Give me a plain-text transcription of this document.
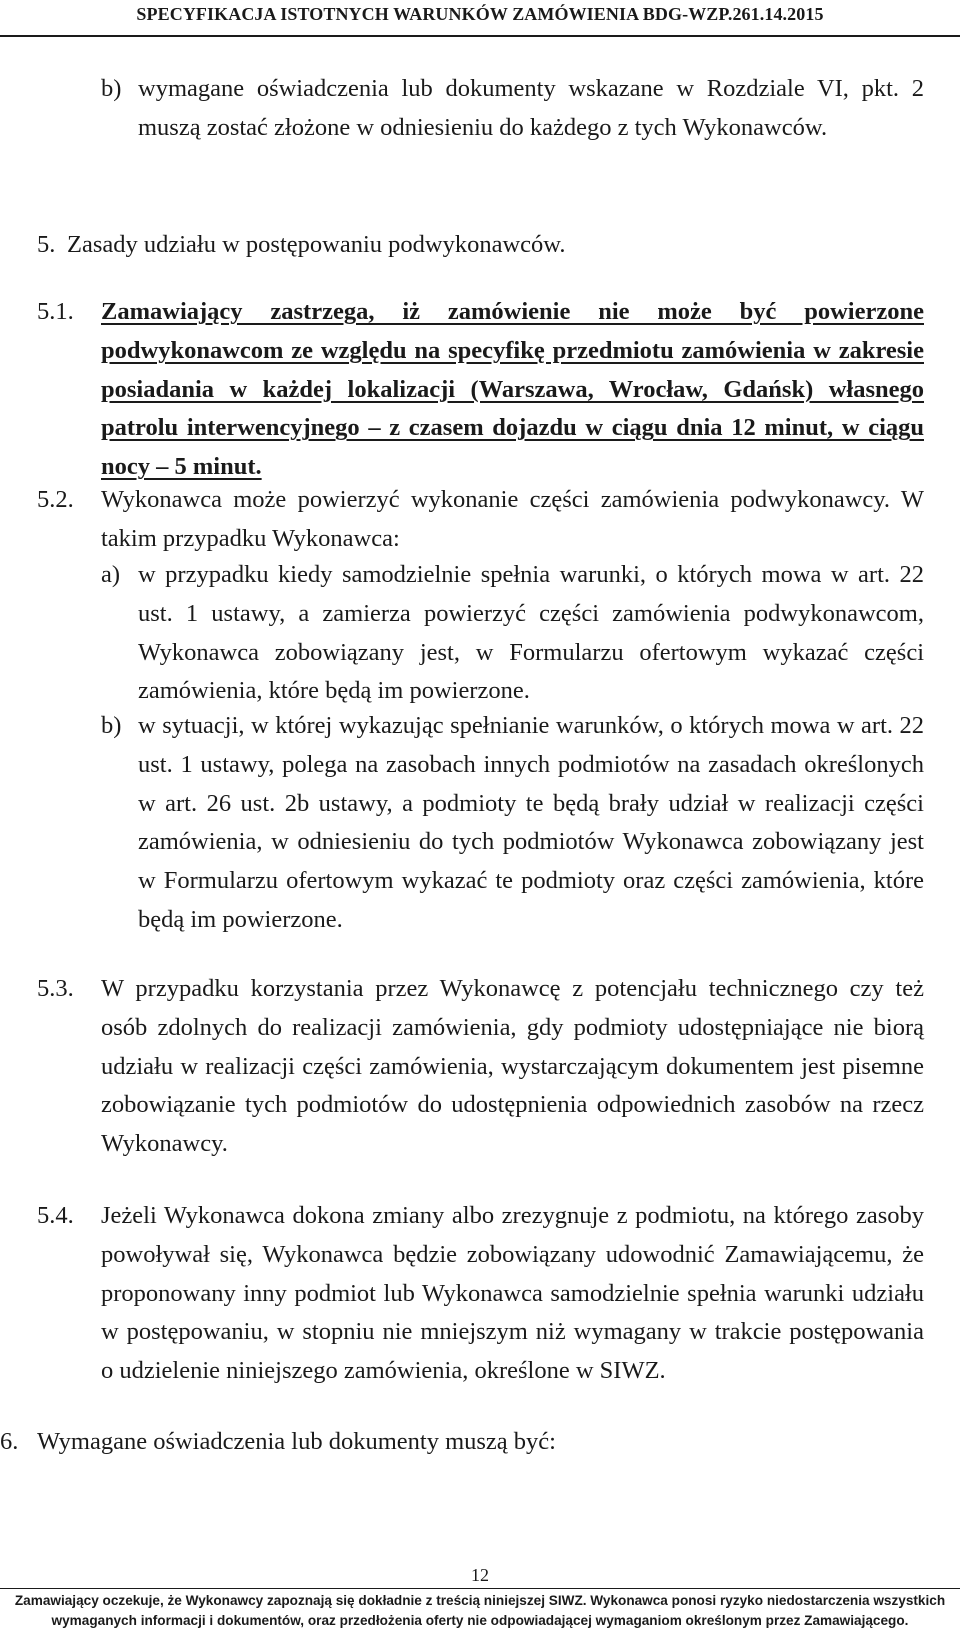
SPECYFIKACJA ISTOTNYCH WARUNKÓW ZAMÓWIENIA BDG-WZP.261.14.2015
b) wymagane oświadczenia lub dokumenty wskazane w Rozdziale VI, pkt. 2 muszą zostać złożone w odniesieniu do każdego z tych Wykonawców.
5. Zasady udziału w postępowaniu podwykonawców.
5.1.	Zamawiający zastrzega, iż zamówienie nie może być powierzone podwykonawcom ze względu na specyfikę przedmiotu zamówienia w zakresie posiadania w każdej lokalizacji (Warszawa, Wrocław, Gdańsk) własnego patrolu interwencyjnego – z czasem dojazdu w ciągu dnia 12 minut, w ciągu nocy – 5 minut.
5.2.	Wykonawca może powierzyć wykonanie części zamówienia podwykonawcy. W takim przypadku Wykonawca:
a) w przypadku kiedy samodzielnie spełnia warunki, o których mowa w art. 22 ust. 1 ustawy, a zamierza powierzyć części zamówienia podwykonawcom, Wykonawca zobowiązany jest, w Formularzu ofertowym wykazać części zamówienia, które będą im powierzone.
b) w sytuacji, w której wykazując spełnianie warunków, o których mowa w art. 22 ust. 1 ustawy, polega na zasobach innych podmiotów na zasadach określonych w art. 26 ust. 2b ustawy, a podmioty te będą brały udział w realizacji części zamówienia, w odniesieniu do tych podmiotów Wykonawca zobowiązany jest w Formularzu ofertowym wykazać te podmioty oraz części zamówienia, które będą im powierzone.
5.3.	W przypadku korzystania przez Wykonawcę z potencjału technicznego czy też osób zdolnych do realizacji zamówienia, gdy podmioty udostępniające nie biorą udziału w realizacji części zamówienia, wystarczającym dokumentem jest pisemne zobowiązanie tych podmiotów do udostępnienia odpowiednich zasobów na rzecz Wykonawcy.
5.4.	Jeżeli Wykonawca dokona zmiany albo zrezygnuje z podmiotu, na którego zasoby powoływał się, Wykonawca będzie zobowiązany udowodnić Zamawiającemu, że proponowany inny podmiot lub Wykonawca samodzielnie spełnia warunki udziału w postępowaniu, w stopniu nie mniejszym niż wymagany w trakcie postępowania o udzielenie niniejszego zamówienia, określone w SIWZ.
6. Wymagane oświadczenia lub dokumenty muszą być:
12
Zamawiający oczekuje, że Wykonawcy zapoznają się dokładnie z treścią niniejszej SIWZ. Wykonawca ponosi ryzyko niedostarczenia wszystkich
wymaganych informacji i dokumentów, oraz przedłożenia oferty nie odpowiadającej wymaganiom określonym przez Zamawiającego.
